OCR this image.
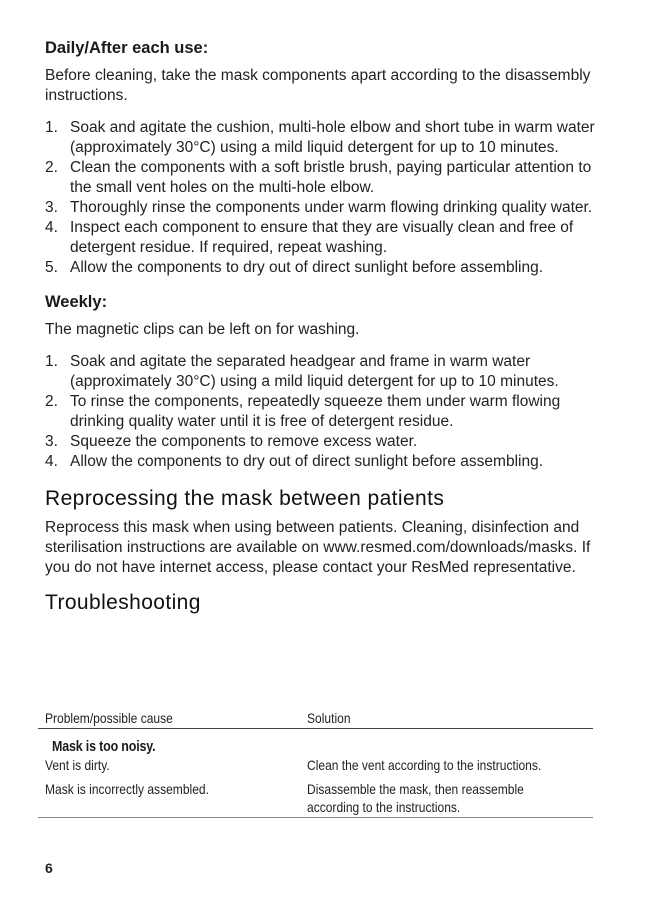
Daily/After each use:

Before cleaning, take the mask components apart according to the disassembly instructions.

1. Soak and agitate the cushion, multi-hole elbow and short tube in warm water (approximately 30°C) using a mild liquid detergent for up to 10 minutes.
2. Clean the components with a soft bristle brush, paying particular attention to the small vent holes on the multi-hole elbow.
3. Thoroughly rinse the components under warm flowing drinking quality water.
4. Inspect each component to ensure that they are visually clean and free of detergent residue. If required, repeat washing.
5. Allow the components to dry out of direct sunlight before assembling.
Weekly:

The magnetic clips can be left on for washing.

1. Soak and agitate the separated headgear and frame in warm water (approximately 30°C) using a mild liquid detergent for up to 10 minutes.
2. To rinse the components, repeatedly squeeze them under warm flowing drinking quality water until it is free of detergent residue.
3. Squeeze the components to remove excess water.
4. Allow the components to dry out of direct sunlight before assembling.
Reprocessing the mask between patients

Reprocess this mask when using between patients. Cleaning, disinfection and sterilisation instructions are available on www.resmed.com/downloads/masks. If you do not have internet access, please contact your ResMed representative.

Troubleshooting
Problem/possible cause	Solution
Mask is too noisy.
Vent is dirty.	Clean the vent according to the instructions.
Mask is incorrectly assembled.	Disassemble the mask, then reassemble according to the instructions.
6
